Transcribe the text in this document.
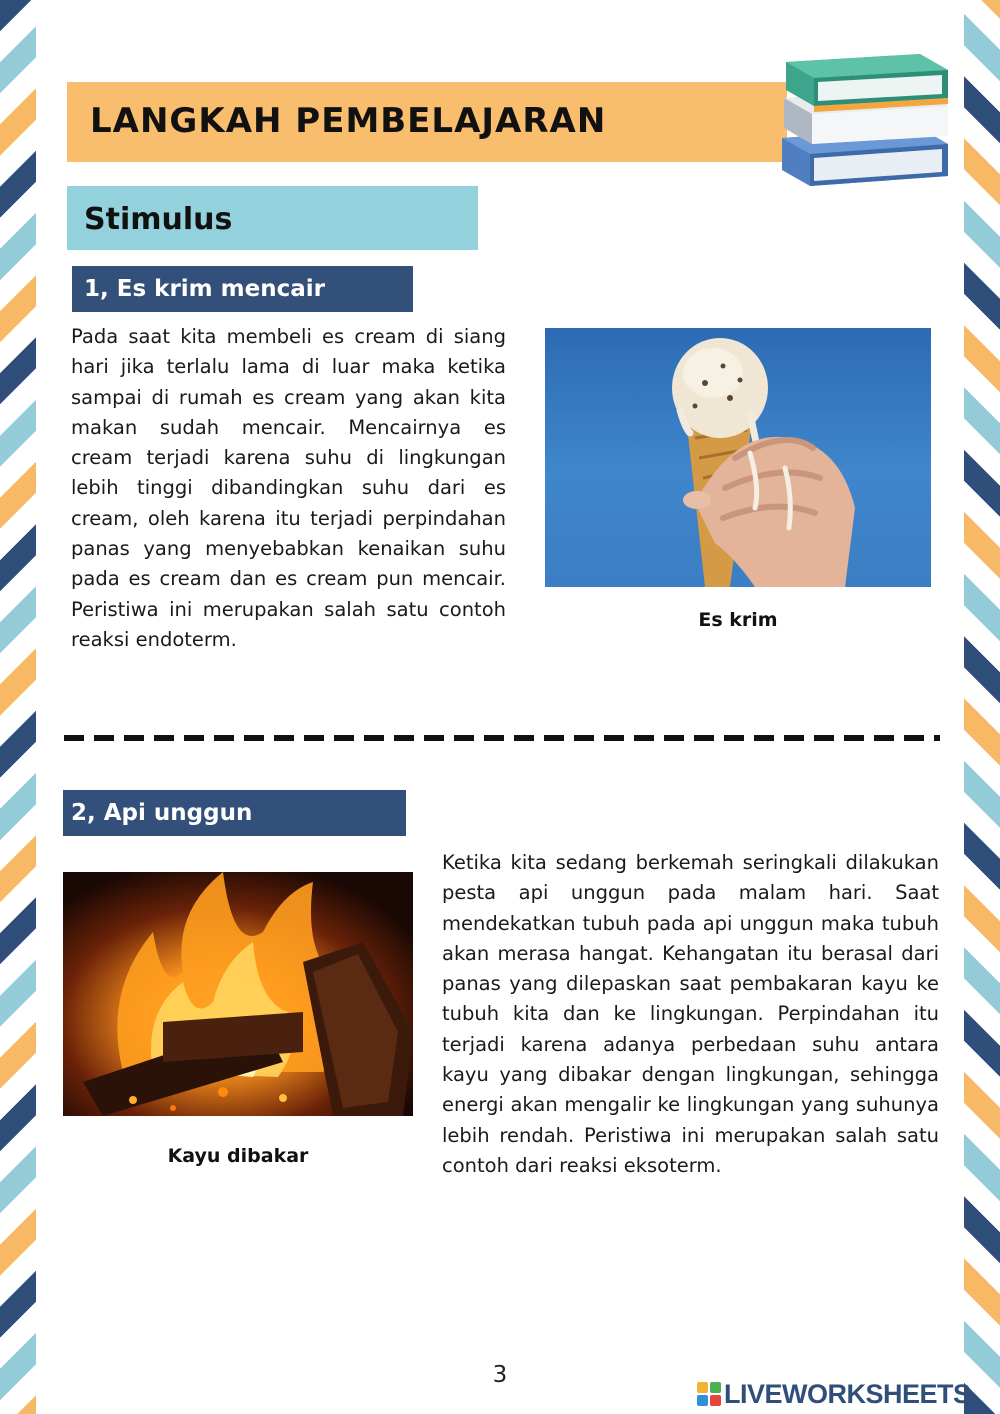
LANGKAH PEMBELAJARAN
Stimulus
1, Es krim mencair

Pada saat kita membeli es cream di siang hari jika terlalu lama di luar maka ketika sampai di rumah es cream yang akan kita makan sudah mencair. Mencairnya es cream terjadi karena suhu di lingkungan lebih tinggi dibandingkan suhu dari es cream, oleh karena itu terjadi perpindahan panas yang menyebabkan kenaikan suhu pada es cream dan es cream pun mencair. Peristiwa ini merupakan salah satu contoh reaksi endoterm.

Es krim
2, Api unggun
Kayu dibakar

Ketika kita sedang berkemah seringkali dilakukan pesta api unggun pada malam hari. Saat mendekatkan tubuh pada api unggun maka tubuh akan merasa hangat. Kehangatan itu berasal dari panas yang dilepaskan saat pembakaran kayu ke tubuh kita dan ke lingkungan. Perpindahan itu terjadi karena adanya perbedaan suhu antara kayu yang dibakar dengan lingkungan, sehingga energi akan mengalir ke lingkungan yang suhunya lebih rendah. Peristiwa ini merupakan salah satu contoh dari reaksi eksoterm.

3
LIVEWORKSHEETS
